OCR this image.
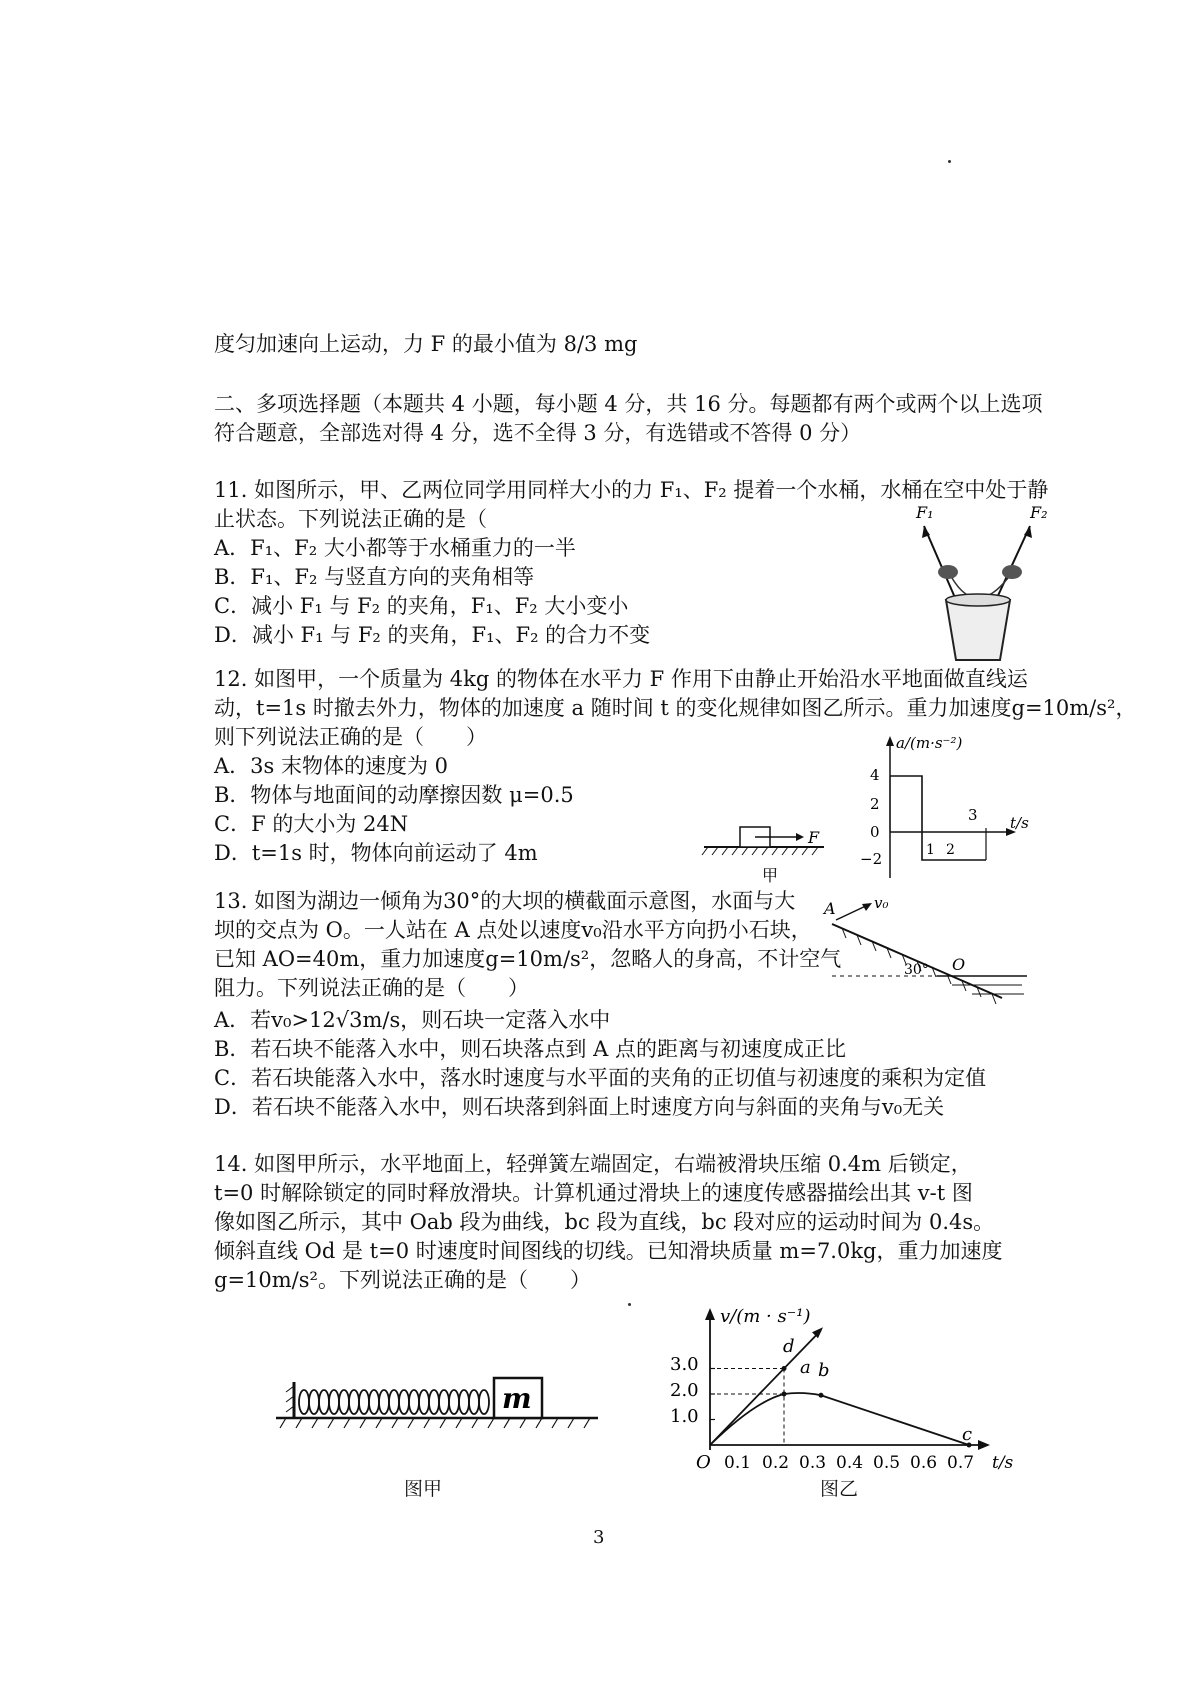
度匀加速向上运动，力 F 的最小值为 8/3 mg
二、多项选择题（本题共 4 小题，每小题 4 分，共 16 分。每题都有两个或两个以上选项
符合题意，全部选对得 4 分，选不全得 3 分，有选错或不答得 0 分）
11. 如图所示，甲、乙两位同学用同样大小的力 F₁、F₂ 提着一个水桶，水桶在空中处于静
止状态。下列说法正确的是（
A．F₁、F₂ 大小都等于水桶重力的一半
B．F₁、F₂ 与竖直方向的夹角相等
C．减小 F₁ 与 F₂ 的夹角，F₁、F₂ 大小变小
D．减小 F₁ 与 F₂ 的夹角，F₁、F₂ 的合力不变
F₁	F₂
12. 如图甲，一个质量为 4kg 的物体在水平力 F 作用下由静止开始沿水平地面做直线运
动，t=1s 时撤去外力，物体的加速度 a 随时间 t 的变化规律如图乙所示。重力加速度g=10m/s²，
则下列说法正确的是（　　）
A．3s 末物体的速度为 0
B．物体与地面间的动摩擦因数 μ=0.5
C．F 的大小为 24N
D．t=1s 时，物体向前运动了 4m
F
甲
a/(m·s⁻²)
t/s
4
2
0
−2
3
1 2
13. 如图为湖边一倾角为30°的大坝的横截面示意图，水面与大
坝的交点为 O。一人站在 A 点处以速度v₀沿水平方向扔小石块，
已知 AO=40m，重力加速度g=10m/s²，忽略人的身高，不计空气
阻力。下列说法正确的是（　　）
A．若v₀>12√3m/s，则石块一定落入水中
B．若石块不能落入水中，则石块落点到 A 点的距离与初速度成正比
C．若石块能落入水中，落水时速度与水平面的夹角的正切值与初速度的乘积为定值
D．若石块不能落入水中，则石块落到斜面上时速度方向与斜面的夹角与v₀无关
A	v₀
30° O
14. 如图甲所示，水平地面上，轻弹簧左端固定，右端被滑块压缩 0.4m 后锁定，
t=0 时解除锁定的同时释放滑块。计算机通过滑块上的速度传感器描绘出其 v-t 图
像如图乙所示，其中 Oab 段为曲线，bc 段为直线，bc 段对应的运动时间为 0.4s。
倾斜直线 Od 是 t=0 时速度时间图线的切线。已知滑块质量 m=7.0kg，重力加速度
g=10m/s²。下列说法正确的是（　　）
m
图甲
v/(m · s⁻¹)
t/s
O
3.0
2.0
1.0
0.1 0.2 0.3 0.4 0.5 0.6 0.7
d
a b
c
图乙
3
